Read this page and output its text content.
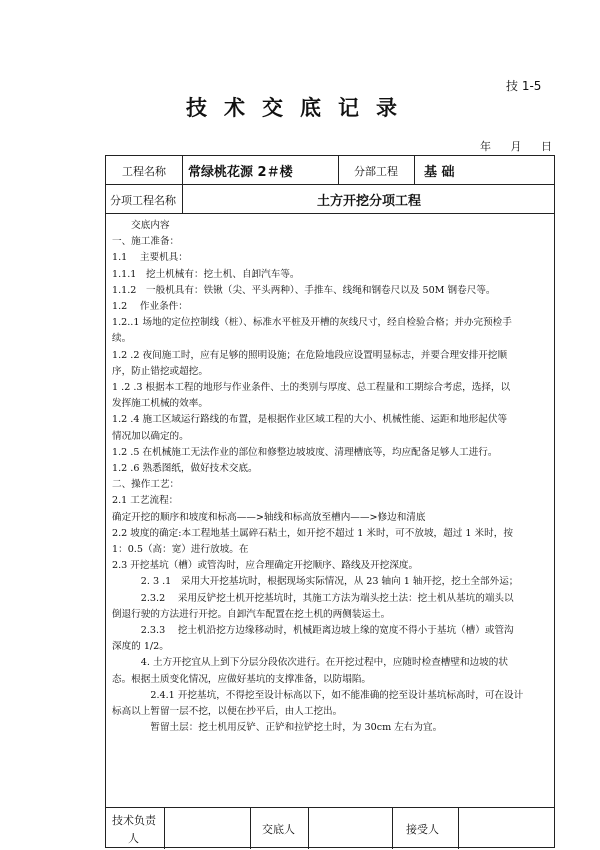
技 1-5
技术交底记录
年 月 日
工程名称 常绿桃花源 2＃楼	分部工程 基 础
分项工程名称	土方开挖分项工程
　　交底内容
一、施工准备：
1.1　 主要机具：
1.1.1　挖土机械有：挖土机、自卸汽车等。
1.1.2　一般机具有：铁锹（尖、平头两种）、手推车、线绳和钢卷尺以及 50M 钢卷尺等。
1.2　 作业条件：
1.2..1 场地的定位控制线（桩）、标准水平桩及开槽的灰线尺寸，经自检验合格；并办完预检手
续。
1.2 .2 夜间施工时，应有足够的照明设施；在危险地段应设置明显标志，并要合理安排开挖顺
序，防止错挖或超挖。
1 .2 .3 根据本工程的地形与作业条件、土的类别与厚度、总工程量和工期综合考虑，选择，以
发挥施工机械的效率。
1.2 .4 施工区域运行路线的布置，是根据作业区域工程的大小、机械性能、运距和地形起伏等
情况加以确定的。
1.2 .5 在机械施工无法作业的部位和修整边坡坡度、清理槽底等，均应配备足够人工进行。
1.2 .6 熟悉图纸，做好技术交底。
二、操作工艺：
2.1 工艺流程：
确定开挖的顺序和坡度和标高——>轴线和标高放至槽内——>修边和清底
2.2 坡度的确定:本工程地基土属碎石粘土，如开挖不超过 1 米时，可不放坡，超过 1 米时，按
1：0.5（高：宽）进行放坡。在
2.3 开挖基坑（槽）或管沟时，应合理确定开挖顺序、路线及开挖深度。
　　　2. 3 .1　采用大开挖基坑时，根据现场实际情况，从 23 轴向 1 轴开挖，挖土全部外运；
　　　2.3.2　 采用反铲挖土机开挖基坑时，其施工方法为端头挖土法：挖土机从基坑的端头以
倒退行驶的方法进行开挖。自卸汽车配置在挖土机的两侧装运土。
　　　2.3.3　 挖土机沿挖方边缘移动时，机械距离边坡上缘的宽度不得小于基坑（槽）或管沟
深度的 1/2。
　　　4. 土方开挖宜从上到下分层分段依次进行。在开挖过程中，应随时检查槽壁和边坡的状
态。根据土质变化情况，应做好基坑的支撑准备，以防塌陷。
　　　　2.4.1 开挖基坑，不得挖至设计标高以下，如不能准确的挖至设计基坑标高时，可在设计
标高以上暂留一层不挖，以便在抄平后，由人工挖出。
　　　　暂留土层：挖土机用反铲、正铲和拉铲挖土时，为 30cm 左右为宜。
技术负责
人
交底人	接受人
